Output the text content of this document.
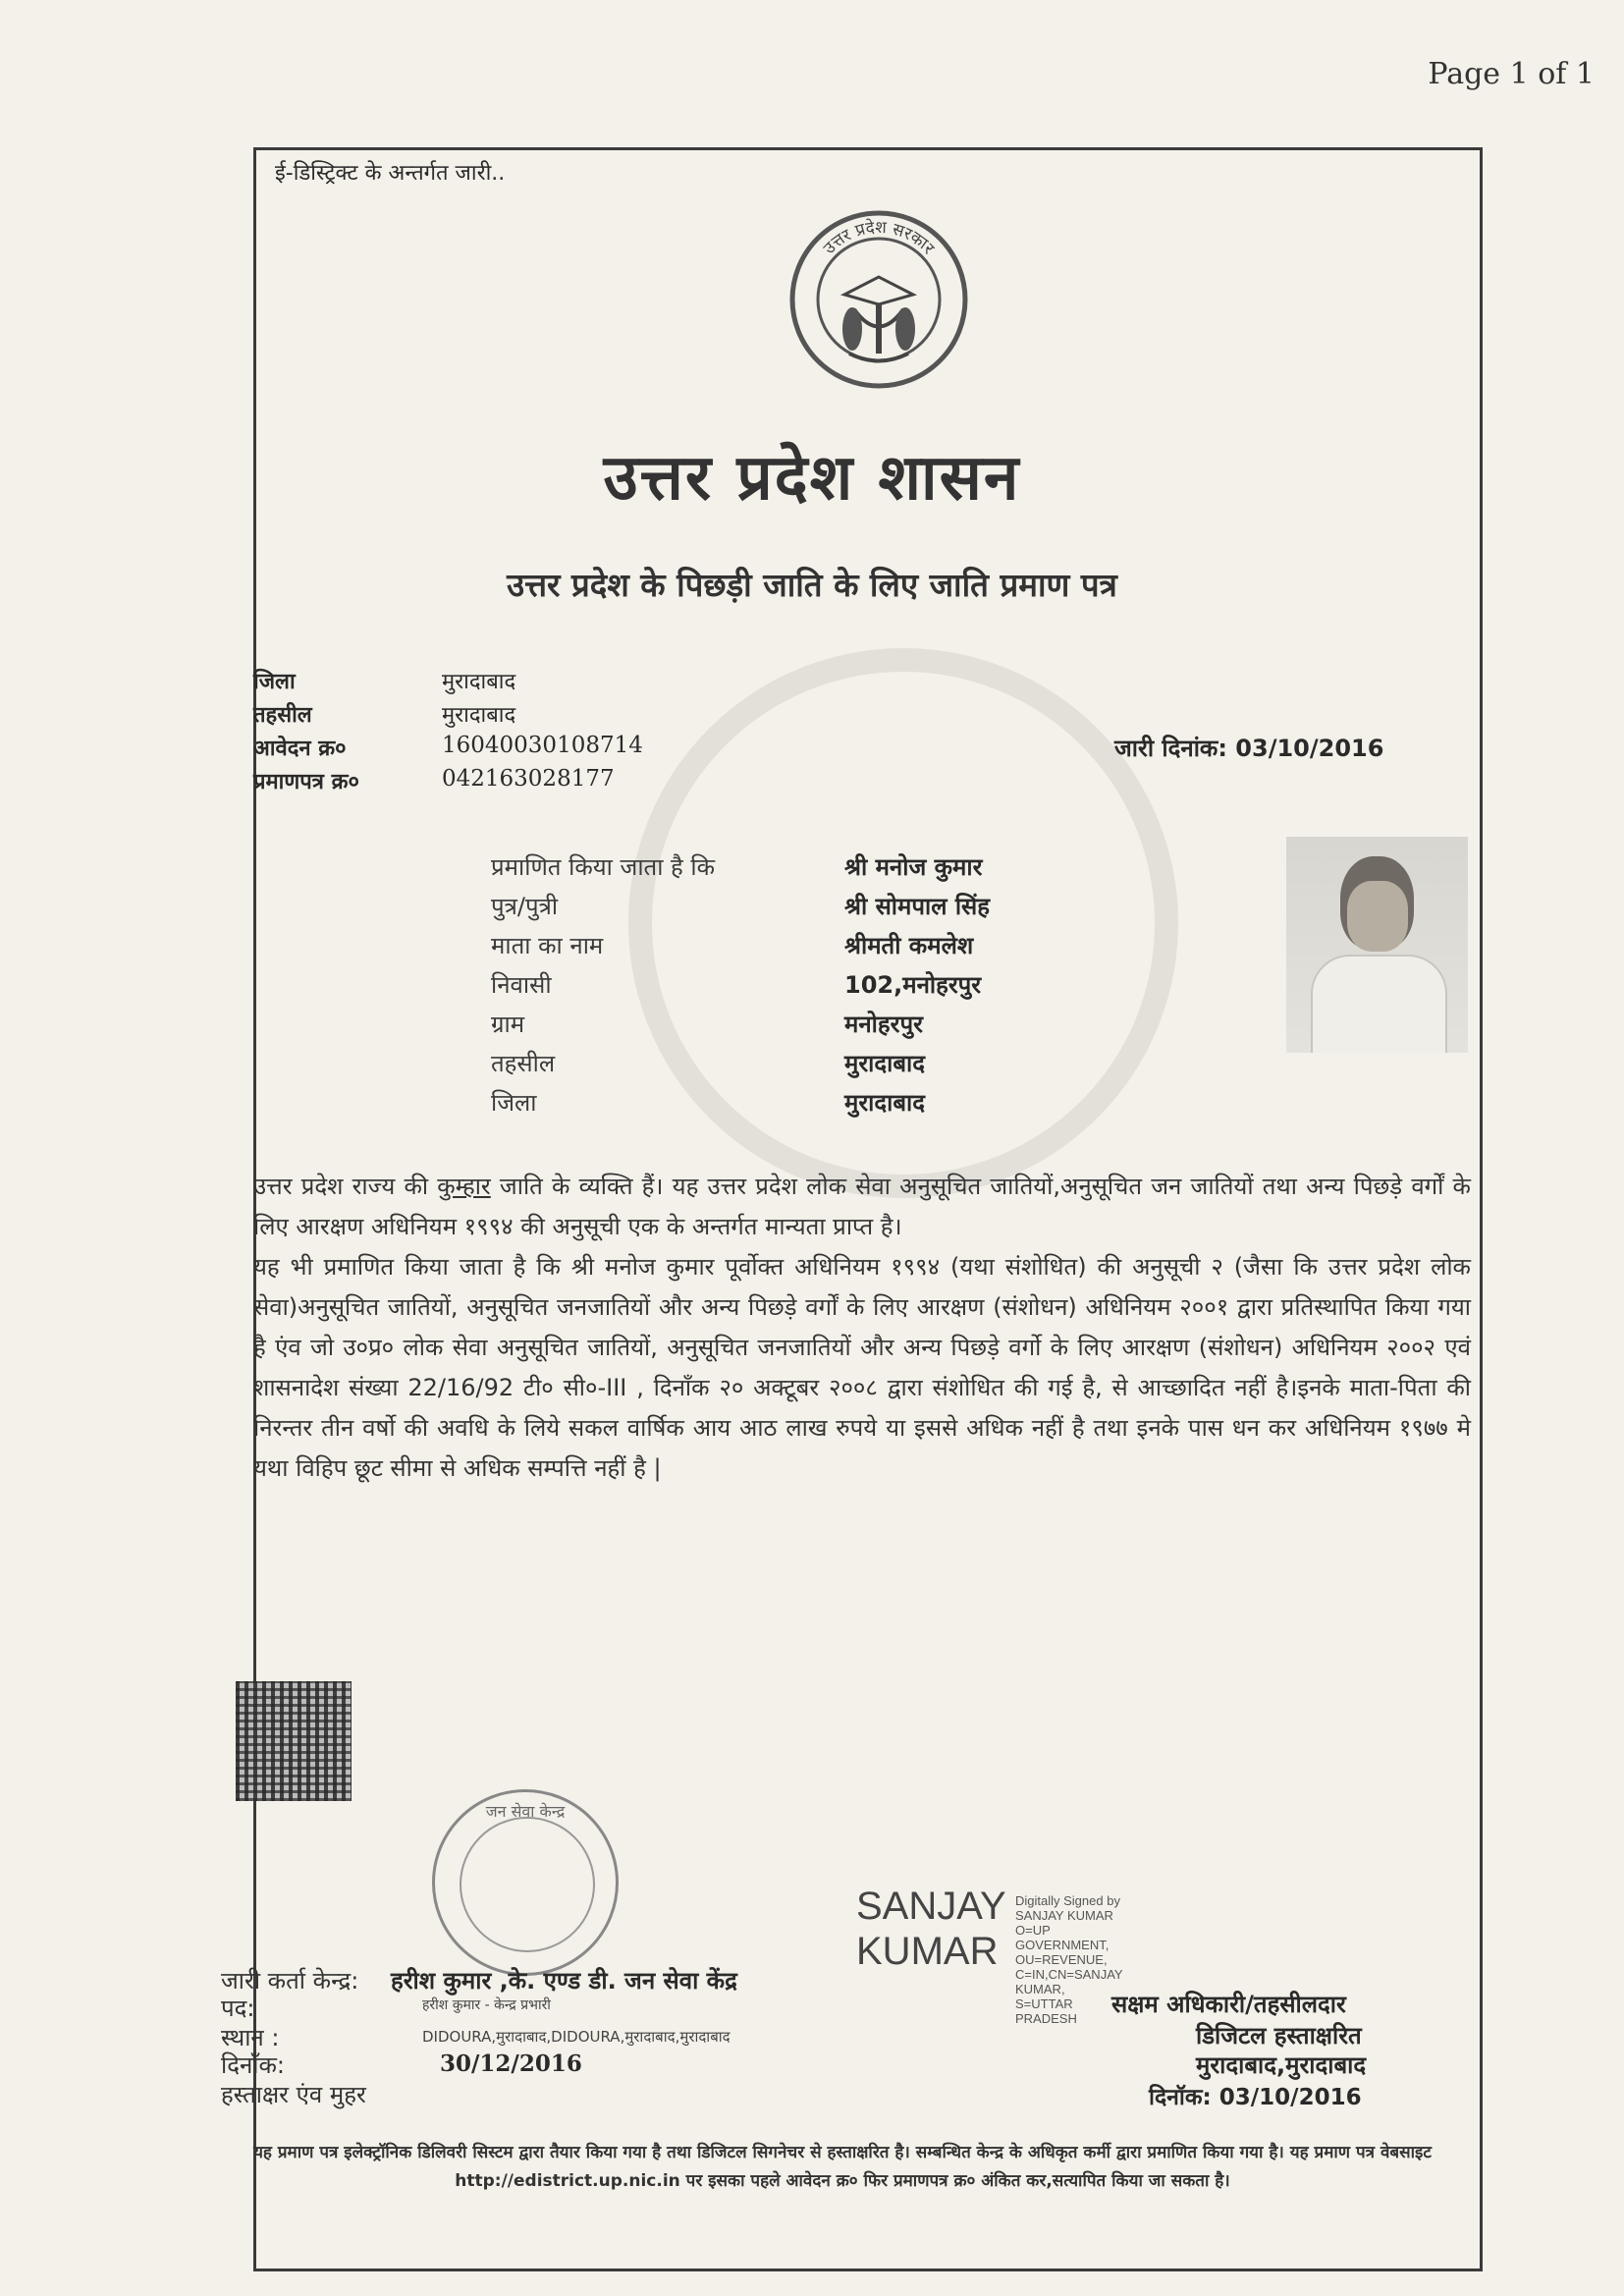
Page 1 of 1
ई-डिस्ट्रिक्ट के अन्तर्गत जारी..
उत्तर प्रदेश सरकार
उत्तर प्रदेश शासन
उत्तर प्रदेश के पिछड़ी जाति के लिए जाति प्रमाण पत्र
जिला	मुरादाबाद
तहसील	मुरादाबाद
आवेदन क्र०	16040030108714
प्रमाणपत्र क्र०	042163028177
जारी दिनांक: 03/10/2016
प्रमाणित किया जाता है कि	श्री मनोज कुमार
पुत्र/पुत्री	श्री सोमपाल सिंह
माता का नाम	श्रीमती कमलेश
निवासी	102,मनोहरपुर
ग्राम	मनोहरपुर
तहसील	मुरादाबाद
जिला	मुरादाबाद

उत्तर प्रदेश राज्य की कुम्हार जाति के व्यक्ति हैं। यह उत्तर प्रदेश लोक सेवा अनुसूचित जातियों,अनुसूचित जन जातियों तथा अन्य पिछड़े वर्गों के लिए आरक्षण अधिनियम १९९४ की अनुसूची एक के अन्तर्गत मान्यता प्राप्त है।

यह भी प्रमाणित किया जाता है कि श्री मनोज कुमार पूर्वोक्त अधिनियम १९९४ (यथा संशोधित) की अनुसूची २ (जैसा कि उत्तर प्रदेश लोक सेवा)अनुसूचित जातियों, अनुसूचित जनजातियों और अन्य पिछड़े वर्गों के लिए आरक्षण (संशोधन) अधिनियम २००१ द्वारा प्रतिस्थापित किया गया है एंव जो उ०प्र० लोक सेवा अनुसूचित जातियों, अनुसूचित जनजातियों और अन्य पिछड़े वर्गो के लिए आरक्षण (संशोधन) अधिनियम २००२ एवं शासनादेश संख्या 22/16/92 टी० सी०-III , दिनाँक २० अक्टूबर २००८ द्वारा संशोधित की गई है, से आच्छादित नहीं है।इनके माता-पिता की निरन्तर तीन वर्षो की अवधि के लिये सकल वार्षिक आय आठ लाख रुपये या इससे अधिक नहीं है तथा इनके पास धन कर अधिनियम १९७७ मे यथा विहिप छूट सीमा से अधिक सम्पत्ति नहीं है |

जन सेवा केन्द्र
SANJAY
KUMAR
Digitally Signed by
SANJAY KUMAR
O=UP
GOVERNMENT,
OU=REVENUE,
C=IN,CN=SANJAY
KUMAR,
S=UTTAR
PRADESH
जारी कर्ता केन्द्र: हरीश कुमार ,के. एण्ड डी. जन सेवा केंद्र
पद:	हरीश कुमार - केन्द्र प्रभारी
स्थान :	DIDOURA,मुरादाबाद,DIDOURA,मुरादाबाद,मुरादाबाद
दिनाँक:	30/12/2016
हस्ताक्षर एंव मुहर
सक्षम अधिकारी/तहसीलदार
डिजिटल हस्ताक्षरित
मुरादाबाद,मुरादाबाद
दिनॉक: 03/10/2016
यह प्रमाण पत्र इलेक्ट्रॉनिक डिलिवरी सिस्टम द्वारा तैयार किया गया है तथा डिजिटल सिगनेचर से हस्ताक्षरित है। सम्बन्धित केन्द्र के अधिकृत कर्मी द्वारा प्रमाणित किया गया है। यह प्रमाण पत्र वेबसाइट http://edistrict.up.nic.in पर इसका पहले आवेदन क्र० फिर प्रमाणपत्र क्र० अंकित कर,सत्यापित किया जा सकता है।
